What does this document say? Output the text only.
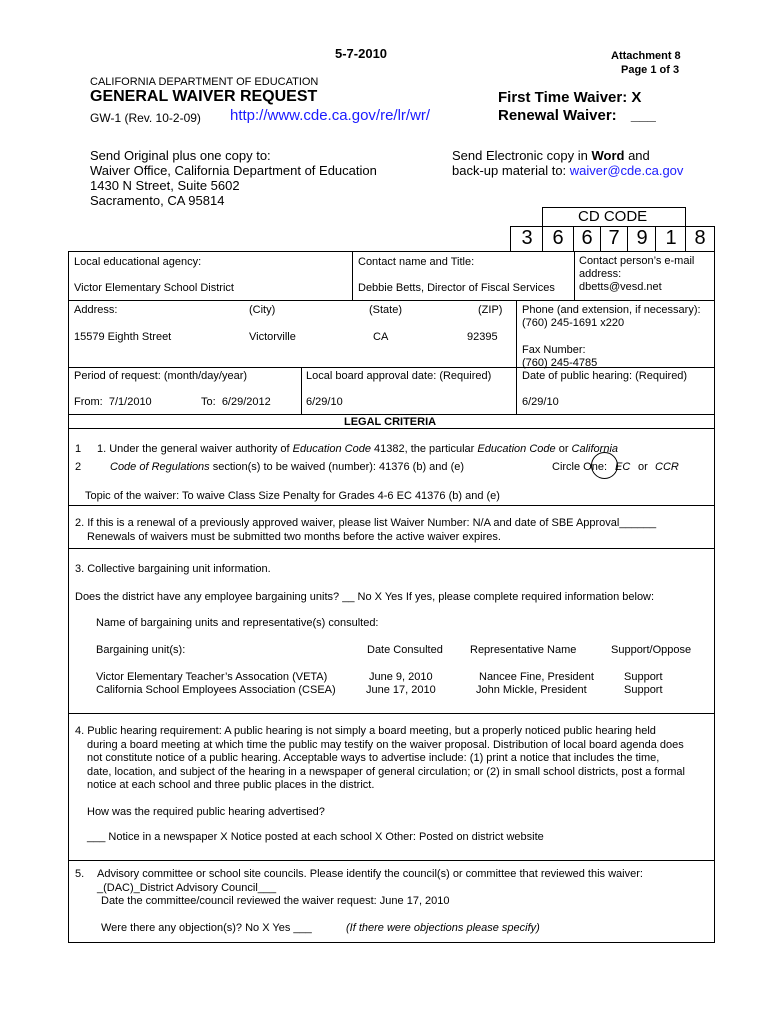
5-7-2010	Attachment 8
Page 1 of 3
CALIFORNIA DEPARTMENT OF EDUCATION
GENERAL WAIVER REQUEST
GW-1 (Rev. 10-2-09) http://www.cde.ca.gov/re/lr/wr/
First Time Waiver: X
Renewal Waiver: ___
Send Original plus one copy to:
Waiver Office, California Department of Education
1430 N Street, Suite 5602
Sacramento, CA 95814
Send Electronic copy in Word and
back-up material to: waiver@cde.ca.gov
CD CODE
3 6 6 7 9 1 8
Local educational agency:
Victor Elementary School District
Contact name and Title:
Debbie Betts, Director of Fiscal Services
Contact person’s e-mail
address:
dbetts@vesd.net
Address:	(City)	(State)	(ZIP)
15579 Eighth Street	Victorville	CA	92395
Phone (and extension, if necessary):
(760) 245-1691 x220
Fax Number:
(760) 245-4785
Period of request: (month/day/year)
From: 7/1/2010	To: 6/29/2012
Local board approval date: (Required)
6/29/10
Date of public hearing: (Required)
6/29/10
LEGAL CRITERIA
1
2
1. Under the general waiver authority of Education Code 41382, the particular Education Code or California
Code of Regulations section(s) to be waived (number): 41376 (b) and (e)	Circle One: EC or CCR
Topic of the waiver: To waive Class Size Penalty for Grades 4-6 EC 41376 (b) and (e)
2. If this is a renewal of a previously approved waiver, please list Waiver Number: N/A and date of SBE Approval______
Renewals of waivers must be submitted two months before the active waiver expires.
3. Collective bargaining unit information.
Does the district have any employee bargaining units? __ No X Yes If yes, please complete required information below:
Name of bargaining units and representative(s) consulted:
Bargaining unit(s):	Date Consulted Representative Name	Support/Oppose
Victor Elementary Teacher’s Assocation (VETA)	June 9, 2010	Nancee Fine, President	Support
California School Employees Association (CSEA)	June 17, 2010	John Mickle, President	Support
4. Public hearing requirement: A public hearing is not simply a board meeting, but a properly noticed public hearing held
during a board meeting at which time the public may testify on the waiver proposal. Distribution of local board agenda does
not constitute notice of a public hearing. Acceptable ways to advertise include: (1) print a notice that includes the time,
date, location, and subject of the hearing in a newspaper of general circulation; or (2) in small school districts, post a formal
notice at each school and three public places in the district.
How was the required public hearing advertised?
___ Notice in a newspaper X Notice posted at each school X Other: Posted on district website
5. Advisory committee or school site councils. Please identify the council(s) or committee that reviewed this waiver:
_(DAC)_District Advisory Council___
Date the committee/council reviewed the waiver request: June 17, 2010
Were there any objection(s)? No X Yes ___	(If there were objections please specify)
